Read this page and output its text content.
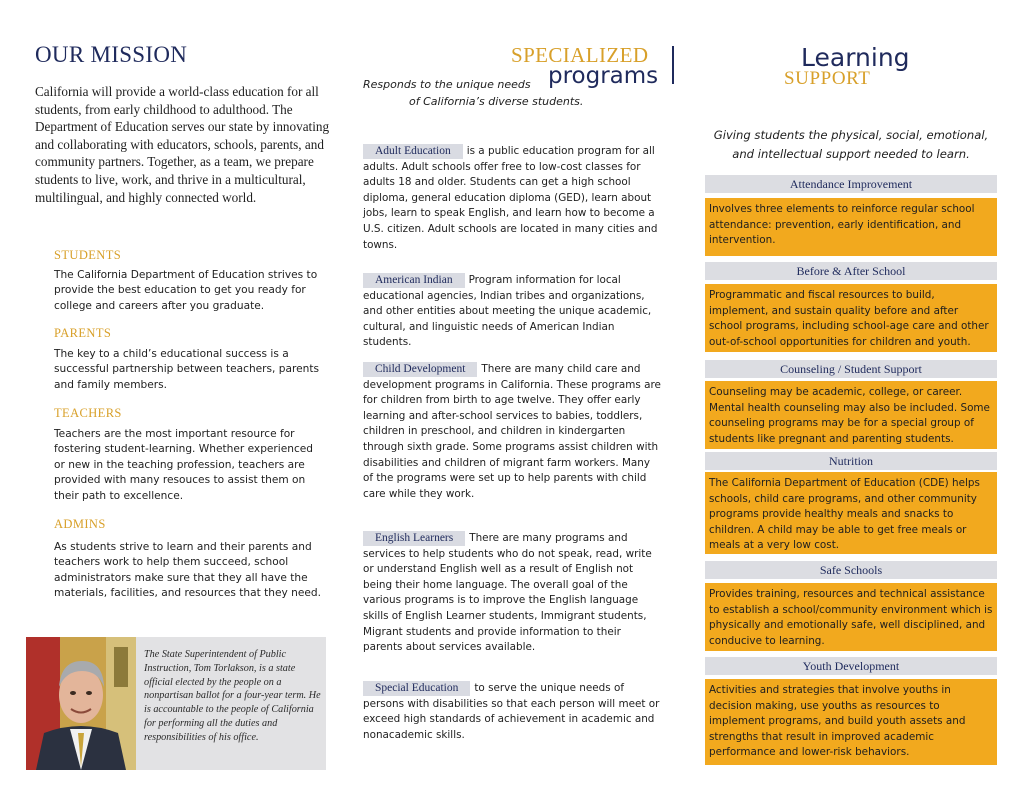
OUR MISSION
California will provide a world-class education for all students, from early childhood to adulthood. The Department of Education serves our state by innovating and collaborating with educators, schools, parents, and community partners. Together, as a team, we prepare students to live, work, and thrive in a multicultural, multilingual, and highly connected world.
STUDENTS
The California Department of Education strives to provide the best education to get you ready for college and careers after you graduate.
PARENTS
The key to a child’s educational success is a successful partnership between teachers, parents and family members.
TEACHERS
Teachers are the most important resource for fostering student-learning. Whether experienced or new in the teaching profession, teachers are provided with many resouces to assist them on their path to excellence.
ADMINS
As students strive to learn and their parents and teachers work to help them succeed, school administrators make sure that they all have the materials, facilities, and resources that they need.
The State Superintendent of Public Instruction, Tom Torlakson, is a state official elected by the people on a nonpartisan ballot for a four-year term. He is accountable to the people of California for performing all the duties and responsibilities of his office.
SPECIALIZED
programs
Responds to the unique needs
of California’s diverse students.
Adult Education is a public education program for all adults. Adult schools offer free to low-cost classes for adults 18 and older. Students can get a high school diploma, general education diploma (GED), learn about jobs, learn to speak English, and learn how to become a U.S. citizen. Adult schools are located in many cities and towns.
American Indian Program information for local educational agencies, Indian tribes and organizations, and other entities about meeting the unique academic, cultural, and linguistic needs of American Indian students.
Child Development There are many child care and development programs in California. These programs are for children from birth to age twelve. They offer early learning and after-school services to babies, toddlers, children in preschool, and children in kindergarten through sixth grade. Some programs assist children with disabilities and children of migrant farm workers. Many of the programs were set up to help parents with child care while they work.
English Learners There are many programs and services to help students who do not speak, read, write or understand English well as a result of English not being their home language. The overall goal of the various programs is to improve the English language skills of English Learner students, Immigrant students, Migrant students and provide information to their parents about services available.
Special Education to serve the unique needs of persons with disabilities so that each person will meet or exceed high standards of achievement in academic and nonacademic skills.
Learning
SUPPORT
Giving students the physical, social, emotional, and intellectual support needed to learn.
Attendance Improvement
Involves three elements to reinforce regular school attendance: prevention, early identification, and intervention.
Before & After School
Programmatic and fiscal resources to build, implement, and sustain quality before and after school programs, including school-age care and other out-of-school opportunities for children and youth.
Counseling / Student Support
Counseling may be academic, college, or career. Mental health counseling may also be included. Some counseling programs may be for a special group of students like pregnant and parenting students.
Nutrition
The California Department of Education (CDE) helps schools, child care programs, and other community programs provide healthy meals and snacks to children. A child may be able to get free meals or meals at a very low cost.
Safe Schools
Provides training, resources and technical assistance to establish a school/community environment which is physically and emotionally safe, well disciplined, and conducive to learning.
Youth Development
Activities and strategies that involve youths in decision making, use youths as resources to implement programs, and build youth assets and strengths that result in improved academic performance and lower-risk behaviors.
